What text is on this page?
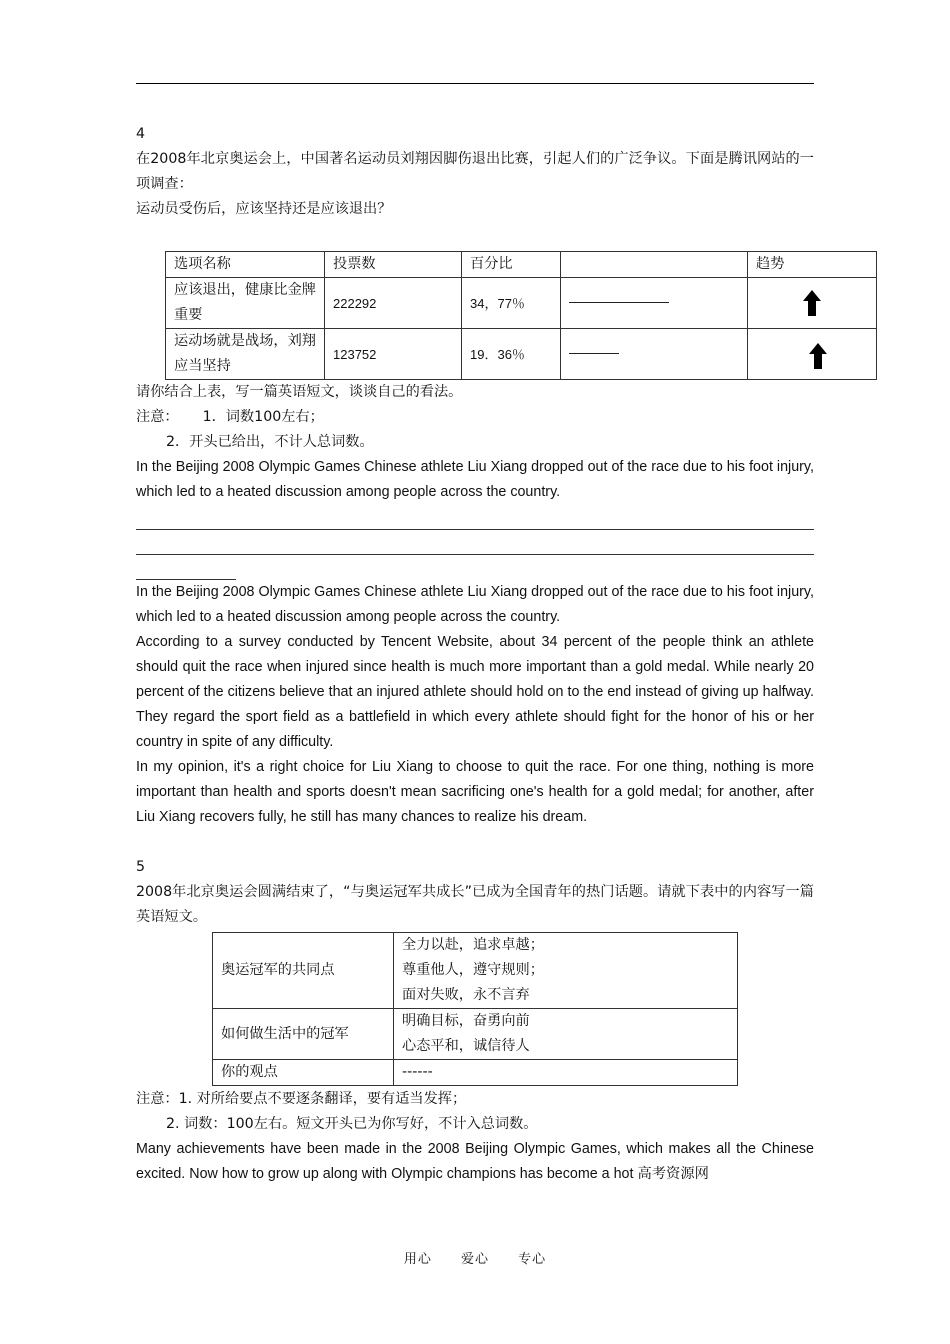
4

在2008年北京奥运会上，中国著名运动员刘翔因脚伤退出比赛，引起人们的广泛争议。下面是腾讯网站的一项调查：

运动员受伤后，应该坚持还是应该退出？

选项名称	投票数	百分比		趋势
应该退出，健康比金牌重要	222292	34，77％		
运动场就是战场，刘翔应当坚持	123752	19．36％		

请你结合上表，写一篇英语短文，谈谈自己的看法。

注意： 1．词数100左右；

2．开头已给出，不计人总词数。

In the Beijing 2008 Olympic Games Chinese athlete Liu Xiang dropped out of the race due to his foot injury, which led to a heated discussion among people across the country.

In the Beijing 2008 Olympic Games Chinese athlete Liu Xiang dropped out of the race due to his foot injury, which led to a heated discussion among people across the country.

According to a survey conducted by Tencent Website, about 34 percent of the people think an athlete should quit the race when injured since health is much more important than a gold medal. While nearly 20 percent of the citizens believe that an injured athlete should hold on to the end instead of giving up halfway. They regard the sport field as a battlefield in which every athlete should fight for the honor of his or her country in spite of any difficulty.

In my opinion, it's a right choice for Liu Xiang to choose to quit the race. For one thing, nothing is more important than health and sports doesn't mean sacrificing one's health for a gold medal; for another, after Liu Xiang recovers fully, he still has many chances to realize his dream.

5

2008年北京奥运会圆满结束了，“与奥运冠军共成长”已成为全国青年的热门话题。请就下表中的内容写一篇英语短文。

奥运冠军的共同点	全力以赴，追求卓越；
尊重他人，遵守规则；
面对失败，永不言弃

如何做生活中的冠军	明确目标，奋勇向前
心态平和，诚信待人

你的观点	------

注意：1. 对所给要点不要逐条翻译，要有适当发挥；

2. 词数：100左右。短文开头已为你写好，不计入总词数。

Many achievements have been made in the 2008 Beijing Olympic Games, which makes all the Chinese excited. Now how to grow up along with Olympic champions has become a hot 高考资源网

用心 爱心 专心
